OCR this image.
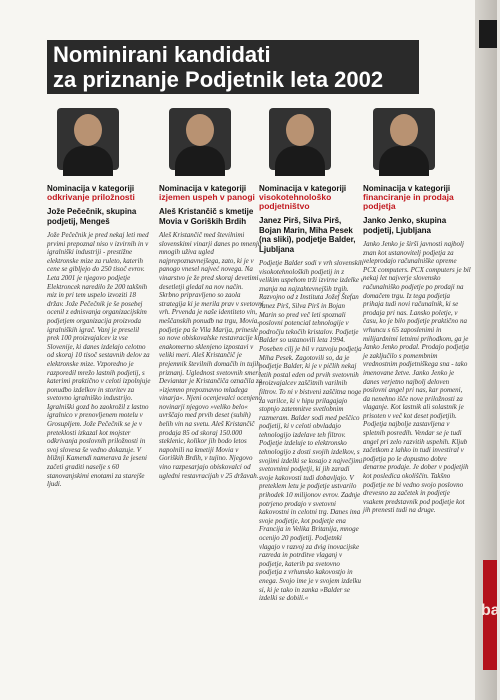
ba
Nominirani kandidati
za priznanje Podjetnik leta 2002
Nominacija v kategoriji
odkrivanje priložnosti
Jože Pečečnik, skupina podjetij, Mengeš

Jože Pečečnik je pred nekaj leti med prvimi prepoznal niso v izvirnih in v igralniški industriji - prestižne elektronske mize za ruleto, katerih cene se gibljejo do 250 tisoč evrov. Leta 2001 je njegovo podjetje Elektroncek naredilo že 200 takšnih miz in pri tem uspelo izvoziti 18 držav. Jože Pečečnik je še posebej ocenil z ednisvanja organizacijskim podjetjem organizacija proizvoda igralniških igrač. Vanj je preselil prek 100 proizvajalcev iz vse Slovenije, ki danes izdelajo celotno od skoraj 10 tisoč sestavnih delov za elektronske mize. Vzporedno je razporedil mrežo lastnih podjetij, s katerimi praktično v celoti izpolnjuje ponudbo izdelkov in storitev za svetovno igralniško industrijo. Igralniški gozd bo zaokrožil z lastno igralnico v prenovljenem motelu v Grosupljem. Jože Pečečnik se je v preteklosti izkazal kot mojster odkrivanja poslovnih priložnosti in svoj slovesa še vedno dokazuje. V bližnji Kamendi namerava že jeseni začeti graditi naselje s 60 stanovanjskimi enotami za starejše ljudi.

Nominacija v kategoriji
izjemen uspeh v panogi
Aleš Kristančič s kmetije Movia v Goriških Brdih

Aleš Kristančič med številnimi slovenskimi vinarji danes po mnenju mnogih uživa ugled najprepoznavnejšega, zato, ki je v panogo vnesel najveć novega. Na vinarstvo je že pred skoraj devetimi desetletji gledal na nov način. Skrbno pripravljeno so zaola strategija ki je merila prav v svetovni vrh. Prvenda je naše identiteto vin, meščanskih ponudb na trgu, Movia, podjetje pa še Vila Marija, prinesle so nove obiskovalske restavracije ki enakomerno sklenjeno izpostavi v veliki meri. Aleš Kristančič je prejemnik številnih domačih in tujih priznanj. Uglednost svetovnih smeri Deviantar je Kristančiča označila za »izjemno prepoznavno mladega vinarja«. Njeni ocenjevalci ocenjeno novinarji njegovo »veliko belo« uvrščajo med prvih deset (suhih) belih vin na svetu. Aleš Kristančič prodaja 85 od skoraj 150.000 steklenic, kolikor jih bodo letos napolnili na kmetiji Movia v Goriških Brdih, v tujino. Njegovo vino razpesarjajo obiskovalci od ugledni restavracijah v 25 državah.

Nominacija v kategoriji
visokotehnološko podjetništvo
Janez Pirš, Silva Pirš, Bojan Marin, Miha Pesek (na sliki), podjetje Balder, Ljubljana

Podjetje Balder sodi v vrh slovenskih visokotehnoloških podjetij in z velikim uspehom trži izvirne izdelke v znanja na najzahtevnejših trgih. Razvojno od z Instituta Jožef Štefan Janez Pirš, Silva Pirš in Bojan Marin so pred več leti spoznali poslovni potencial tehnologije v področju tekočih kristalov. Podjetje Balder so ustanovili leta 1994. Poseben cilj je bil v razvoju podjetja Miha Pesek. Zagotovili so, da je podjetje Balder, ki je v pičlih nekaj letih postal eden od prvih svetovnih proizvajalcev zaščitnih varilnih filtrov. To ni v bistveni zaščitna noge za varilce, ki v hipu prilagajajo stopnjo zatemnitve svetlobnim razmeram. Balder sodi med peščico podjetij, ki v celoti obvladajo tehnologijo izdelave teh filtrov. Podjetje izdeluje to elektronsko tehnologijo z dosti svojih izdelkov, s svojimi izdelki se kosajo z največjimi svetovnimi podjetji, ki jih zaradi svoje kakovosti tudi dobavljajo. V preteklem letu je podjetje ustvarilo prihodek 10 milijonov evrov. Zadnje potrjeno prodajo v svetovni kakovostni in celotni trg. Danes ima svoje podjetje, kot podjetje ena Francija in Velika Britanija, mnoge ocenijo 20 podjetij. Podjetnki vlagajo v razvoj za dvig inovacijske razreda in potrditve vlaganj v podjetje, katerih pa svetovno podjetja z vrhunsko kakovostjo in enega. Svojo ime je v svojem izdelku si, ki je tako in zanka »Balder se izdelki se dobili.«

Nominacija v kategoriji
financiranje in prodaja podjetja
Janko Jenko, skupina podjetij, Ljubljana

Janko Jenko je širši javnosti najbolj znan kot ustanovitelj podjetja za veleprodajo računalniške opreme PCX computers. PCX computers je bil nekaj let najverje slovensko računalniško podjetje po prodaji na domačem trgu. Iz tega podjetja prihaja tudi novi računalnik, ki se prodaja pri nas. Lansko poletje, v času, ko je bilo podjetje praktično na vrhuncu s 65 zaposlenimi in milijardnimi letnimi prihodkom, ga je Janko Jenko prodal. Prodajo podjetja je zaključilo s pomembnim vrednostnim podjetniškega sna - tako imenovane žetve. Janko Jenko je danes verjetno najbolj deloven poslovni angel pri nas, kar pomeni, da nenehno išče nove priložnosti za vlaganje. Kot lastnik ali solastnik je prisoten v več kot deset podjetjih. Podjetja najbolje zastavljena v spletnih posredih. Vendar se je tudi angel pri zelo razvitih uspehih. Kljub začetkom z lahko in tudi investiral v podjetja po le dopustno dobre denarne prodaje. Je dober v podjetjih kot posledica okoliščin. Takšno podjetje ne bi vedno svojo poslovno drevesno za začetek in podjetje vsakem predstavnik pod podjetje kot jih prenesti tudi na druge.
